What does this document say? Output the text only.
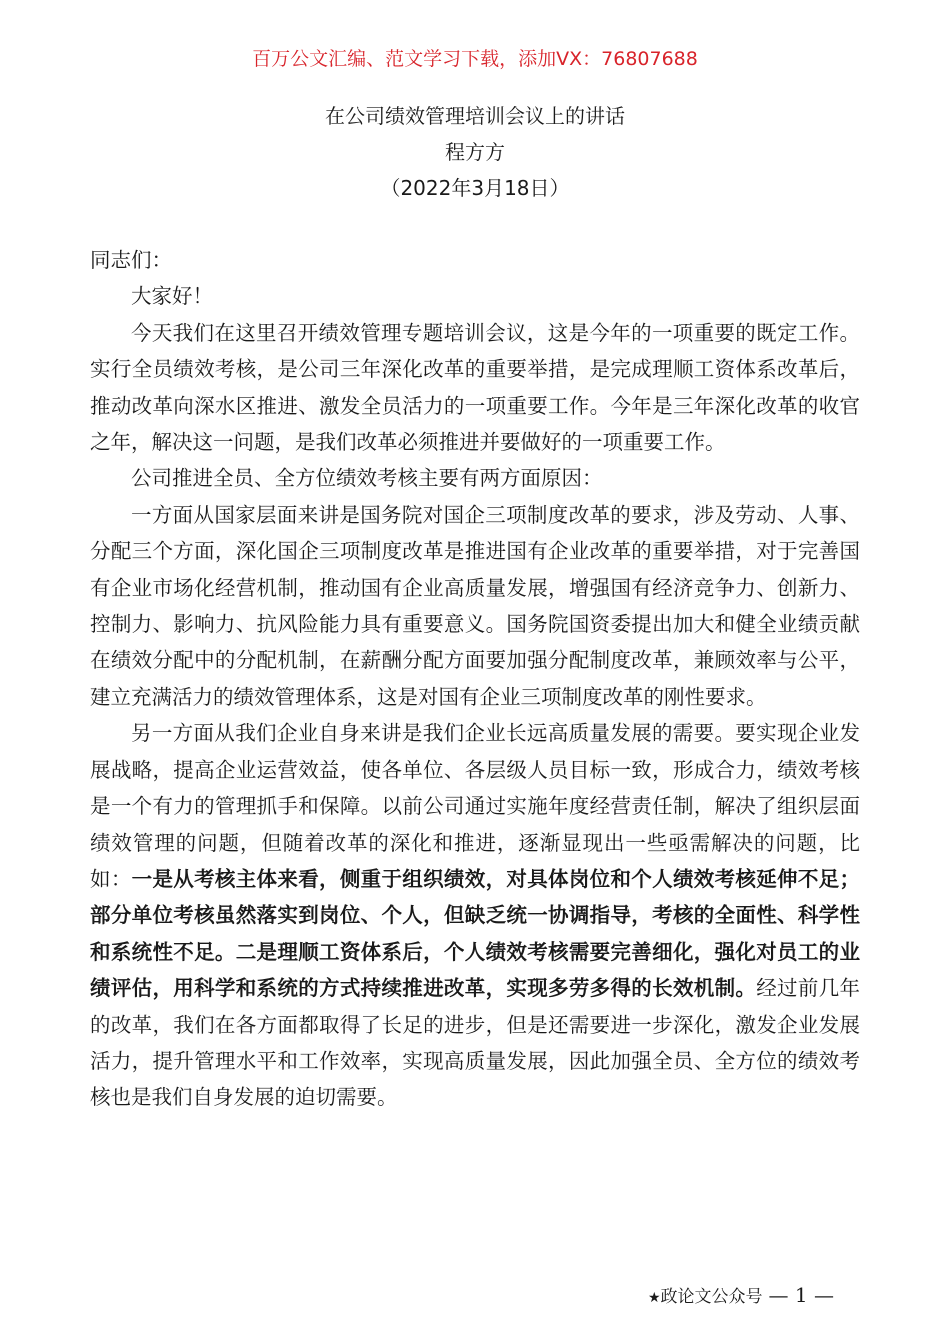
百万公文汇编、范文学习下载，添加VX：76807688
在公司绩效管理培训会议上的讲话
程方方
（2022年3月18日）

同志们：

大家好！

今天我们在这里召开绩效管理专题培训会议，这是今年的一项重要的既定工作。实行全员绩效考核，是公司三年深化改革的重要举措，是完成理顺工资体系改革后，推动改革向深水区推进、激发全员活力的一项重要工作。今年是三年深化改革的收官之年，解决这一问题，是我们改革必须推进并要做好的一项重要工作。

公司推进全员、全方位绩效考核主要有两方面原因：

一方面从国家层面来讲是国务院对国企三项制度改革的要求，涉及劳动、人事、分配三个方面，深化国企三项制度改革是推进国有企业改革的重要举措，对于完善国有企业市场化经营机制，推动国有企业高质量发展，增强国有经济竞争力、创新力、控制力、影响力、抗风险能力具有重要意义。国务院国资委提出加大和健全业绩贡献在绩效分配中的分配机制，在薪酬分配方面要加强分配制度改革，兼顾效率与公平，建立充满活力的绩效管理体系，这是对国有企业三项制度改革的刚性要求。

另一方面从我们企业自身来讲是我们企业长远高质量发展的需要。要实现企业发展战略，提高企业运营效益，使各单位、各层级人员目标一致，形成合力，绩效考核是一个有力的管理抓手和保障。以前公司通过实施年度经营责任制，解决了组织层面绩效管理的问题，但随着改革的深化和推进，逐渐显现出一些亟需解决的问题，比如：一是从考核主体来看，侧重于组织绩效，对具体岗位和个人绩效考核延伸不足；部分单位考核虽然落实到岗位、个人，但缺乏统一协调指导，考核的全面性、科学性和系统性不足。二是理顺工资体系后，个人绩效考核需要完善细化，强化对员工的业绩评估，用科学和系统的方式持续推进改革，实现多劳多得的长效机制。经过前几年的改革，我们在各方面都取得了长足的进步，但是还需要进一步深化，激发企业发展活力，提升管理水平和工作效率，实现高质量发展，因此加强全员、全方位的绩效考核也是我们自身发展的迫切需要。

★政论文公众号 — 1 —
